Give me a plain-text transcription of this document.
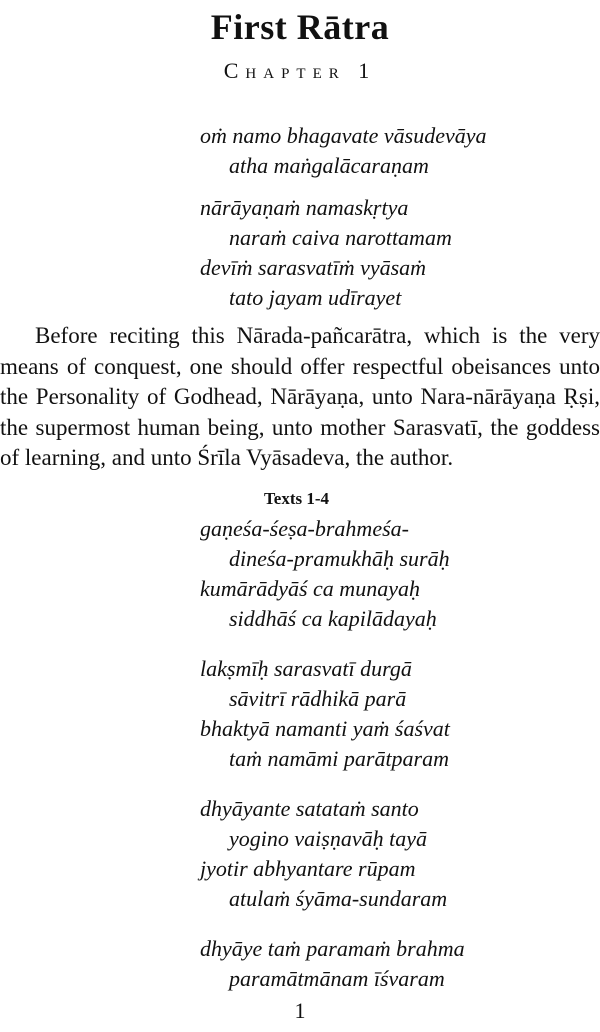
First Rātra
Chapter 1
oṁ namo bhagavate vāsudevāya
atha maṅgalācaraṇam
nārāyaṇaṁ namaskṛtya
naraṁ caiva narottamam
devīṁ sarasvatīṁ vyāsaṁ
tato jayam udīrayet
Before reciting this Nārada-pañcarātra, which is the very means of conquest, one should offer respectful obeisances unto the Personality of Godhead, Nārāyaṇa, unto Nara-nārāyaṇa Ṛṣi, the supermost human being, unto mother Sarasvatī, the goddess of learning, and unto Śrīla Vyāsadeva, the author.
Texts 1-4
gaṇeśa-śeṣa-brahmeśa-
dineśa-pramukhāḥ surāḥ
kumārādyāś ca munayaḥ
siddhāś ca kapilādayaḥ
lakṣmīḥ sarasvatī durgā
sāvitrī rādhikā parā
bhaktyā namanti yaṁ śaśvat
taṁ namāmi parātparam
dhyāyante satataṁ santo
yogino vaiṣṇavāḥ tayā
jyotir abhyantare rūpam
atulaṁ śyāma-sundaram
dhyāye taṁ paramaṁ brahma
paramātmānam īśvaram
1
